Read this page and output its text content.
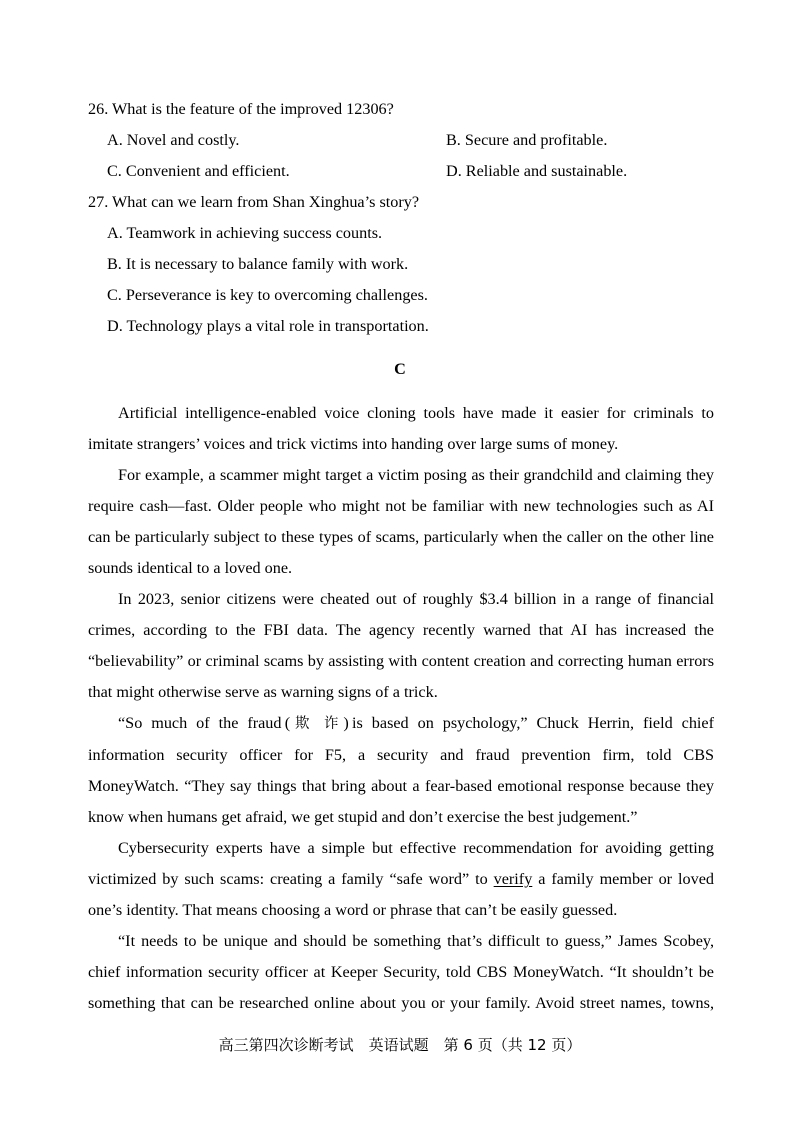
26. What is the feature of the improved 12306?
A. Novel and costly.	B. Secure and profitable.
C. Convenient and efficient.	D. Reliable and sustainable.
27. What can we learn from Shan Xinghua’s story?
A. Teamwork in achieving success counts.
B. It is necessary to balance family with work.
C. Perseverance is key to overcoming challenges.
D. Technology plays a vital role in transportation.
C

Artificial intelligence-enabled voice cloning tools have made it easier for criminals to imitate strangers’ voices and trick victims into handing over large sums of money.

For example, a scammer might target a victim posing as their grandchild and claiming they require cash—fast. Older people who might not be familiar with new technologies such as AI can be particularly subject to these types of scams, particularly when the caller on the other line sounds identical to a loved one.

In 2023, senior citizens were cheated out of roughly $3.4 billion in a range of financial crimes, according to the FBI data. The agency recently warned that AI has increased the “believability” or criminal scams by assisting with content creation and correcting human errors that might otherwise serve as warning signs of a trick.

“So much of the fraud (欺 诈) is based on psychology,” Chuck Herrin, field chief information security officer for F5, a security and fraud prevention firm, told CBS MoneyWatch. “They say things that bring about a fear-based emotional response because they know when humans get afraid, we get stupid and don’t exercise the best judgement.”

Cybersecurity experts have a simple but effective recommendation for avoiding getting victimized by such scams: creating a family “safe word” to verify a family member or loved one’s identity. That means choosing a word or phrase that can’t be easily guessed.

“It needs to be unique and should be something that’s difficult to guess,” James Scobey, chief information security officer at Keeper Security, told CBS MoneyWatch. “It shouldn’t be something that can be researched online about you or your family. Avoid street names, towns,

高三第四次诊断考试　英语试题　第 6 页（共 12 页）
